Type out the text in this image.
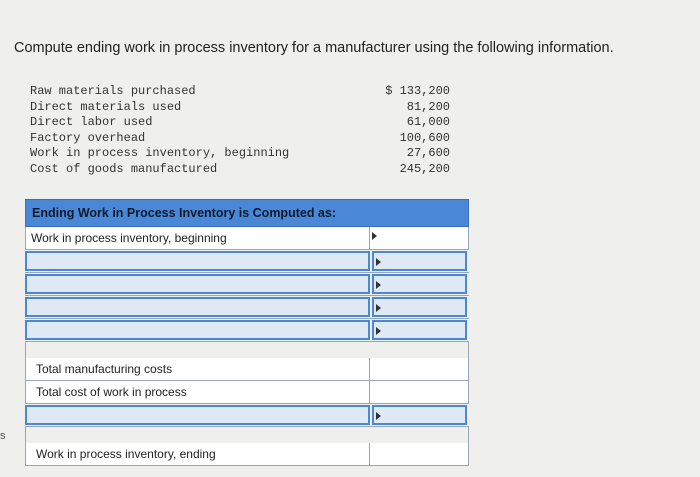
Compute ending work in process inventory for a manufacturer using the following information.
Raw materials purchased	$ 133,200
Direct materials used	81,200
Direct labor used	61,000
Factory overhead	100,600
Work in process inventory, beginning	27,600
Cost of goods manufactured	245,200
Ending Work in Process Inventory is Computed as:
Work in process inventory, beginning
Total manufacturing costs
Total cost of work in process
Work in process inventory, ending
s
